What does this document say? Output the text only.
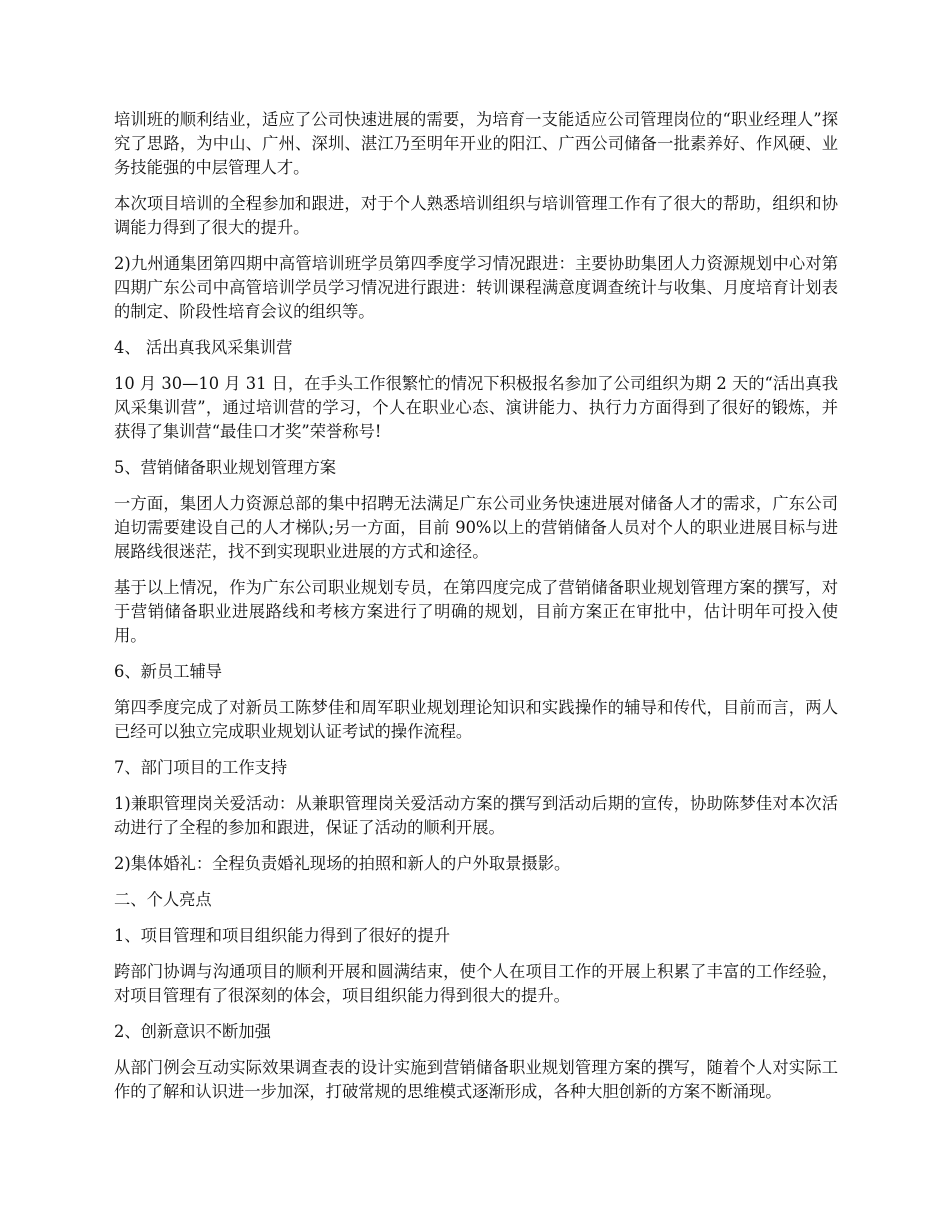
培训班的顺利结业，适应了公司快速进展的需要，为培育一支能适应公司管理岗位的“职业经理人”探究了思路，为中山、广州、深圳、湛江乃至明年开业的阳江、广西公司储备一批素养好、作风硬、业务技能强的中层管理人才。

本次项目培训的全程参加和跟进，对于个人熟悉培训组织与培训管理工作有了很大的帮助，组织和协调能力得到了很大的提升。

2)九州通集团第四期中高管培训班学员第四季度学习情况跟进：主要协助集团人力资源规划中心对第四期广东公司中高管培训学员学习情况进行跟进：转训课程满意度调查统计与收集、月度培育计划表的制定、阶段性培育会议的组织等。

4、 活出真我风采集训营

10 月 30—10 月 31 日，在手头工作很繁忙的情况下积极报名参加了公司组织为期 2 天的“活出真我风采集训营”，通过培训营的学习，个人在职业心态、演讲能力、执行力方面得到了很好的锻炼，并获得了集训营“最佳口才奖”荣誉称号!

5、营销储备职业规划管理方案

一方面，集团人力资源总部的集中招聘无法满足广东公司业务快速进展对储备人才的需求，广东公司迫切需要建设自己的人才梯队;另一方面，目前 90%以上的营销储备人员对个人的职业进展目标与进展路线很迷茫，找不到实现职业进展的方式和途径。

基于以上情况，作为广东公司职业规划专员，在第四度完成了营销储备职业规划管理方案的撰写，对于营销储备职业进展路线和考核方案进行了明确的规划，目前方案正在审批中，估计明年可投入使用。

6、新员工辅导

第四季度完成了对新员工陈梦佳和周军职业规划理论知识和实践操作的辅导和传代，目前而言，两人已经可以独立完成职业规划认证考试的操作流程。

7、部门项目的工作支持

1)兼职管理岗关爱活动：从兼职管理岗关爱活动方案的撰写到活动后期的宣传，协助陈梦佳对本次活动进行了全程的参加和跟进，保证了活动的顺利开展。

2)集体婚礼：全程负责婚礼现场的拍照和新人的户外取景摄影。

二、个人亮点

1、项目管理和项目组织能力得到了很好的提升

跨部门协调与沟通项目的顺利开展和圆满结束，使个人在项目工作的开展上积累了丰富的工作经验，对项目管理有了很深刻的体会，项目组织能力得到很大的提升。

2、创新意识不断加强

从部门例会互动实际效果调查表的设计实施到营销储备职业规划管理方案的撰写，随着个人对实际工作的了解和认识进一步加深，打破常规的思维模式逐渐形成，各种大胆创新的方案不断涌现。
